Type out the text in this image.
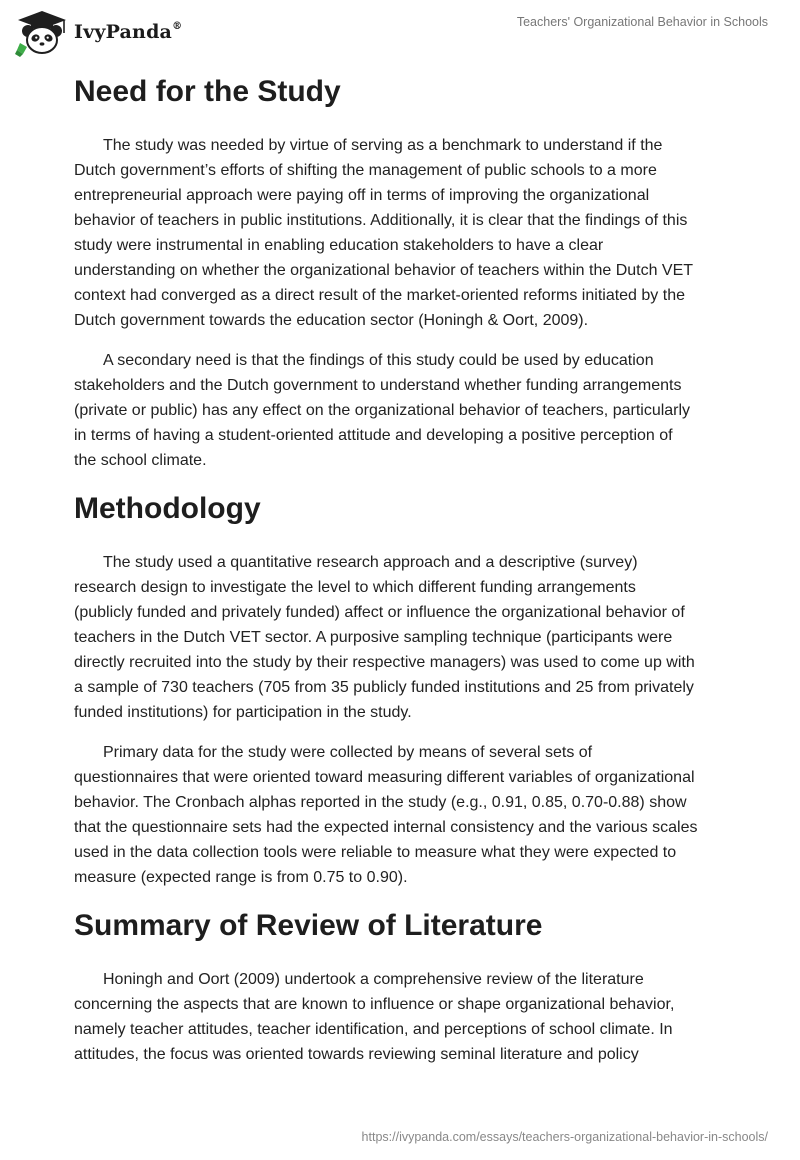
IvyPanda®	Teachers' Organizational Behavior in Schools
Need for the Study
The study was needed by virtue of serving as a benchmark to understand if the
Dutch government’s efforts of shifting the management of public schools to a more
entrepreneurial approach were paying off in terms of improving the organizational
behavior of teachers in public institutions. Additionally, it is clear that the findings of this
study were instrumental in enabling education stakeholders to have a clear
understanding on whether the organizational behavior of teachers within the Dutch VET
context had converged as a direct result of the market-oriented reforms initiated by the
Dutch government towards the education sector (Honingh & Oort, 2009).
A secondary need is that the findings of this study could be used by education
stakeholders and the Dutch government to understand whether funding arrangements
(private or public) has any effect on the organizational behavior of teachers, particularly
in terms of having a student-oriented attitude and developing a positive perception of
the school climate.
Methodology
The study used a quantitative research approach and a descriptive (survey)
research design to investigate the level to which different funding arrangements
(publicly funded and privately funded) affect or influence the organizational behavior of
teachers in the Dutch VET sector. A purposive sampling technique (participants were
directly recruited into the study by their respective managers) was used to come up with
a sample of 730 teachers (705 from 35 publicly funded institutions and 25 from privately
funded institutions) for participation in the study.
Primary data for the study were collected by means of several sets of
questionnaires that were oriented toward measuring different variables of organizational
behavior. The Cronbach alphas reported in the study (e.g., 0.91, 0.85, 0.70-0.88) show
that the questionnaire sets had the expected internal consistency and the various scales
used in the data collection tools were reliable to measure what they were expected to
measure (expected range is from 0.75 to 0.90).
Summary of Review of Literature
Honingh and Oort (2009) undertook a comprehensive review of the literature
concerning the aspects that are known to influence or shape organizational behavior,
namely teacher attitudes, teacher identification, and perceptions of school climate. In
attitudes, the focus was oriented towards reviewing seminal literature and policy
https://ivypanda.com/essays/teachers-organizational-behavior-in-schools/
